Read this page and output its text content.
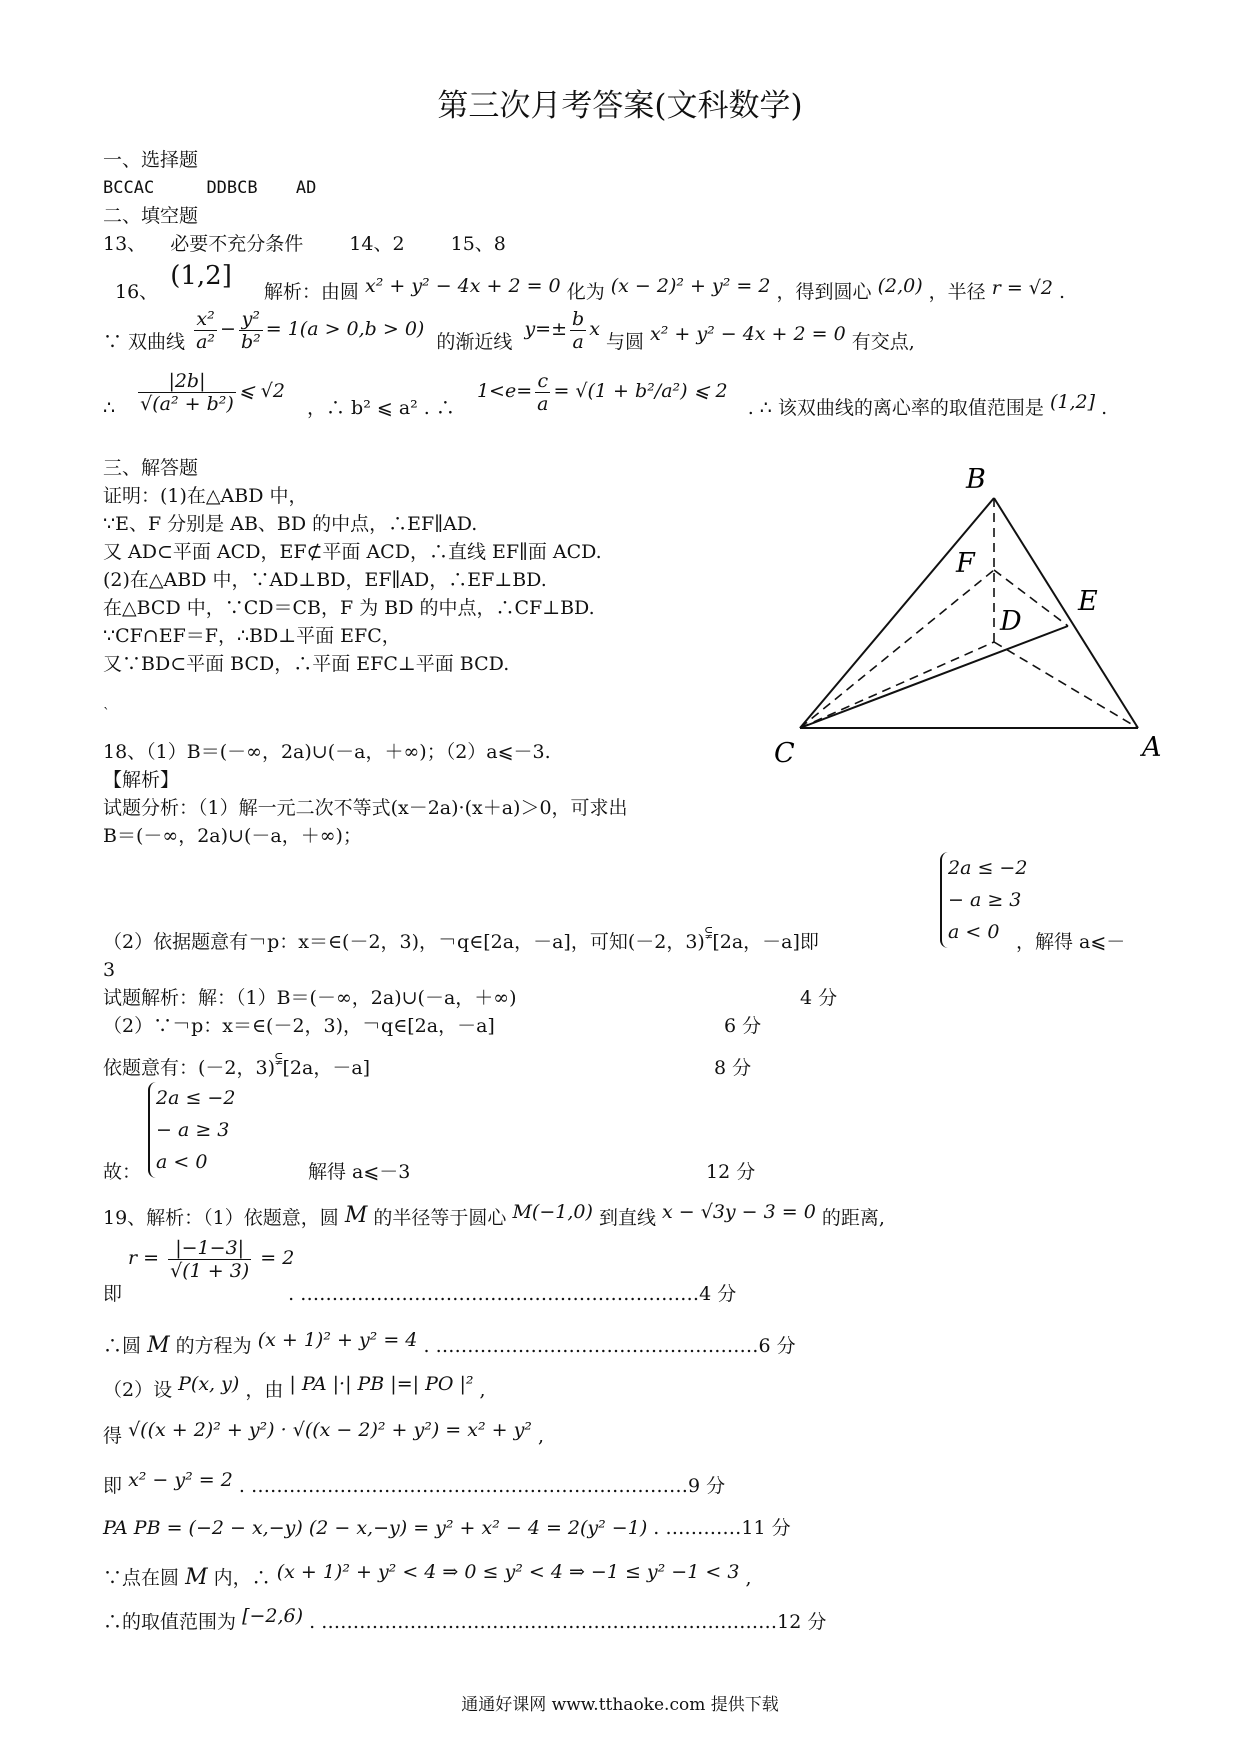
第三次月考答案(文科数学)
一、选择题
BCCAC	DDBCB AD
二、填空题
13、 必要不充分条件 14、2 15、8
16、 (1,2] 解析：由圆 x² + y² − 4x + 2 = 0 化为 (x − 2)² + y² = 2 ，得到圆心 (2,0) ，半径 r = √2 .
∵ 双曲线 $\frac{\text{x²}}{\text{a²}} - \frac{\text{y²}}{\text{b²}} = 1(a > 0,b > 0)$ 的渐近线 $y=\pm \frac{b}{a}$ x 与圆 x² + y² − 4x + 2 = 0 有交点,
∴ $\frac{|2b|}{\text{√(a² + b²)}}$ ⩽ √2 ，∴ b² ⩽ a² . ∴ $1<e= \frac{c}{a} = √(1 + b^2/a^2)$ ⩽ 2 . ∴ 该双曲线的离心率的取值范围是 (1,2] .
三、解答题
证明：(1)在△ABD 中，
∵E、F 分别是 AB、BD 的中点，∴EF∥AD.
又 AD⊂平面 ACD，EF⊄平面 ACD，∴直线 EF∥面 ACD.
(2)在△ABD 中，∵AD⊥BD，EF∥AD，∴EF⊥BD.
在△BCD 中，∵CD＝CB，F 为 BD 的中点，∴CF⊥BD.
∵CF∩EF＝F，∴BD⊥平面 EFC，
又∵BD⊂平面 BCD，∴平面 EFC⊥平面 BCD.
`
B
F
D
E
C	A
18、（1）B＝(－∞，2a)∪(－a，＋∞)；（2）a⩽－3.
【解析】
试题分析：（1）解一元二次不等式(x－2a)·(x＋a)＞0，可求出
B＝(－∞，2a)∪(－a，＋∞)；
2a ≤ −2
− a ≥ 3
a < 0
（2）依据题意有￢p：x＝∈(－2，3)，￢q∈[2a，－a]，可知(－2，3)⫋[2a，－a]即	，解得 a⩽－
3
试题解析：解：（1）B＝(－∞，2a)∪(－a，＋∞)	4 分
（2）∵￢p：x＝∈(－2，3)，￢q∈[2a，－a]	6 分
依题意有：(－2，3)⫋[2a，－a]	8 分
2a ≤ −2
− a ≥ 3
a < 0
故：	解得 a⩽－3	12 分
19、解析：（1）依题意，圆 M 的半径等于圆心 M(−1,0) 到直线 x − √3y − 3 = 0 的距离,
$r = \frac{|-1-3|}{√(1 + 3)} = 2$
即	. ………………………………………………………4 分
∴圆 M 的方程为 (x + 1)² + y² = 4 . ……………………………………………6 分
（2）设 P(x, y) ，由 | PA |·| PB |=| PO |² ,
得 √((x + 2)² + y²) · √((x − 2)² + y²) = x² + y² ,
即 x² − y² = 2 . ……………………………………………………………9 分
PA PB = (−2 − x,−y) (2 − x,−y) = y² + x² − 4 = 2(y² −1) . …………11 分
∵点在圆 M 内，∴ (x + 1)² + y² < 4 ⇒ 0 ≤ y² < 4 ⇒ −1 ≤ y² −1 < 3 ,
∴的取值范围为 [−2,6) . ………………………………………………………………12 分
通通好课网 www.tthaoke.com 提供下载
